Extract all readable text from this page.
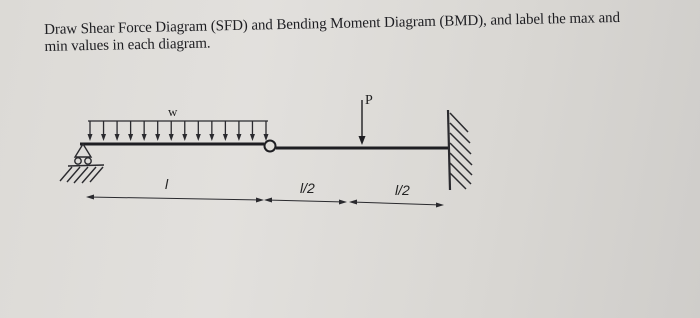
Draw Shear Force Diagram (SFD) and Bending Moment Diagram (BMD), and label the max and
min values in each diagram.
w
P
l	l/2	l/2
